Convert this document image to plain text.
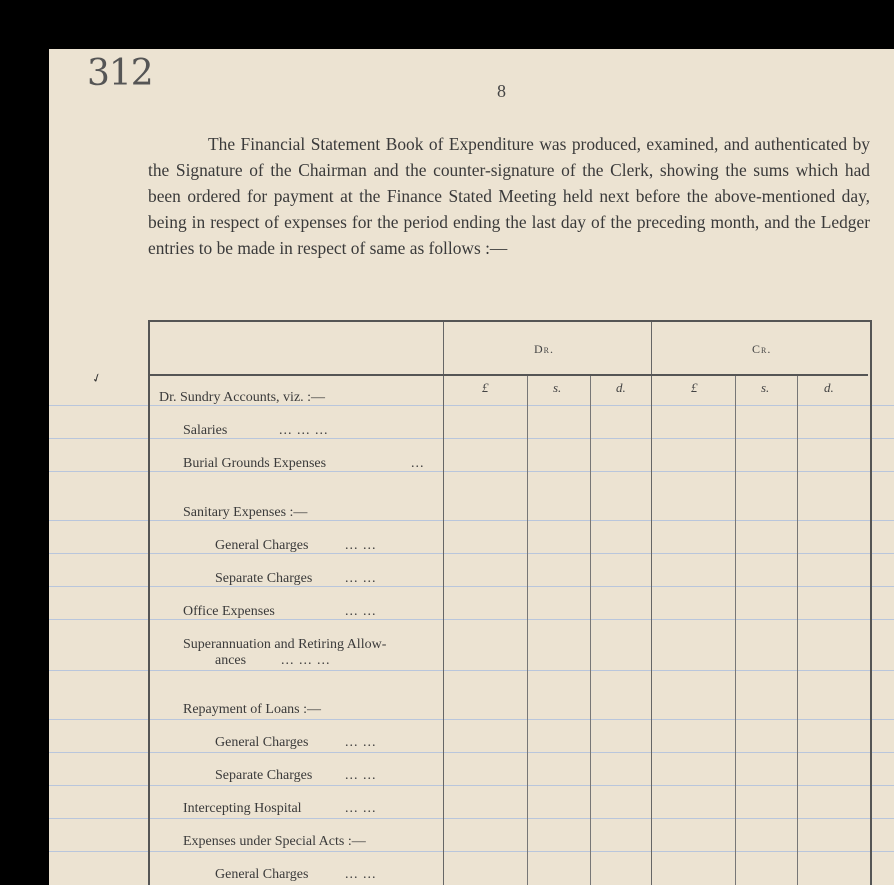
312	8

The Financial Statement Book of Expenditure was produced, examined, and authenticated by the Signature of the Chairman and the counter-signature of the Clerk, showing the sums which had been ordered for payment at the Finance Stated Meeting held next before the above-mentioned day, being in respect of expenses for the period ending the last day of the preceding month, and the Ledger entries to be made in respect of same as follows :—

✓
Dr.	Cr.
£	s.	d.	£	s.	d.
Dr. Sundry Accounts, viz. :—
Salaries	... ... ...
Burial Grounds Expenses	...
Sanitary Expenses :—
General Charges	... ...
Separate Charges ... ...
Office Expenses	... ...
Superannuation and Retiring Allow-
ances ... ... ...
Repayment of Loans :—
General Charges	... ...
Separate Charges ... ...
Intercepting Hospital	... ...
Expenses under Special Acts :—
General Charges	... ...
